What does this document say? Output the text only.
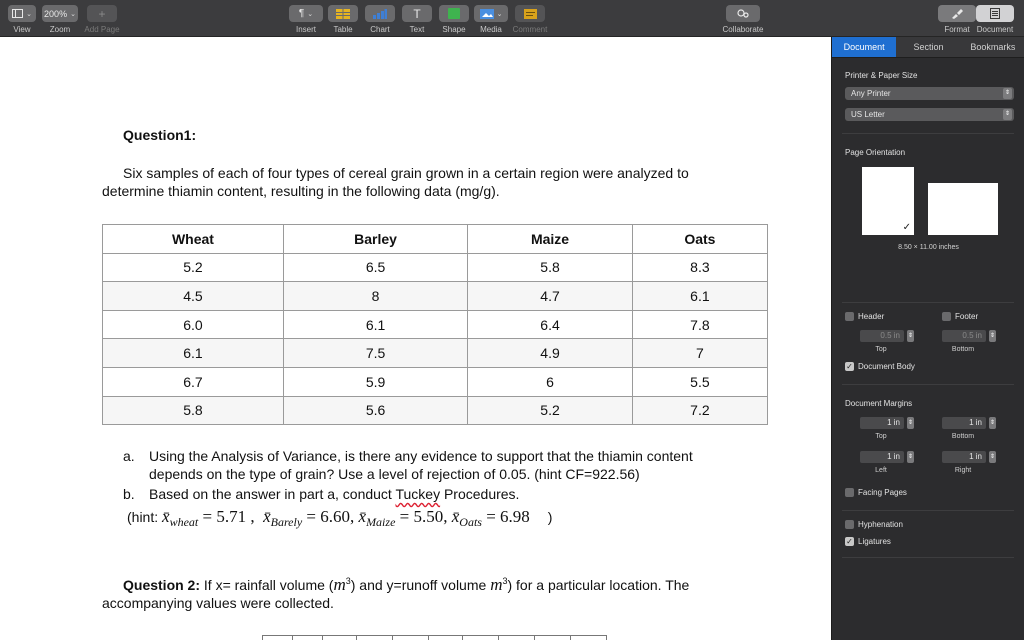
⌄
View
200% ⌄
Zoom
+
Add Page
¶ ⌄
Insert Table Chart
T
Text Shape
⌄
Media Comment	Collaborate	Format Document
Question1:
Six samples of each of four types of cereal grain grown in a certain region were analyzed to
determine thiamin content, resulting in the following data (mg/g).
Wheat	Barley	Maize	Oats
5.2	6.5	5.8	8.3
4.5	8	4.7	6.1
6.0	6.1	6.4	7.8
6.1	7.5	4.9	7
6.7	5.9	6	5.5
5.8	5.6	5.2	7.2
a.	Using the Analysis of Variance, is there any evidence to support that the thiamin content
depends on the type of grain? Use a level of rejection of 0.05. (hint CF=922.56)
b.	Based on the answer in part a, conduct Tuckey Procedures.
(hint: $x̄_{wheat} = 5.71$ ,  $x̄_{Barely} = 6.60$, $x̄_{Maize} = 5.50$, $x̄_{Oats} = 6.98$ )
Question 2: If x= rainfall volume $(m^3)$ and y=runoff volume $m^3$) for a particular location. The
accompanying values were collected.
Document	Section	Bookmarks
Printer & Paper Size
Any Printer	⇕
US Letter	⇕
Page Orientation
✓
8.50 × 11.00 inches
Header	Footer
0.5 in	⇕	0.5 in	⇕
Top	Bottom
✓ Document Body
Document Margins
1 in	⇕	1 in	⇕
Top	Bottom
1 in	⇕	1 in	⇕
Left	Right
Facing Pages
Hyphenation
✓ Ligatures
